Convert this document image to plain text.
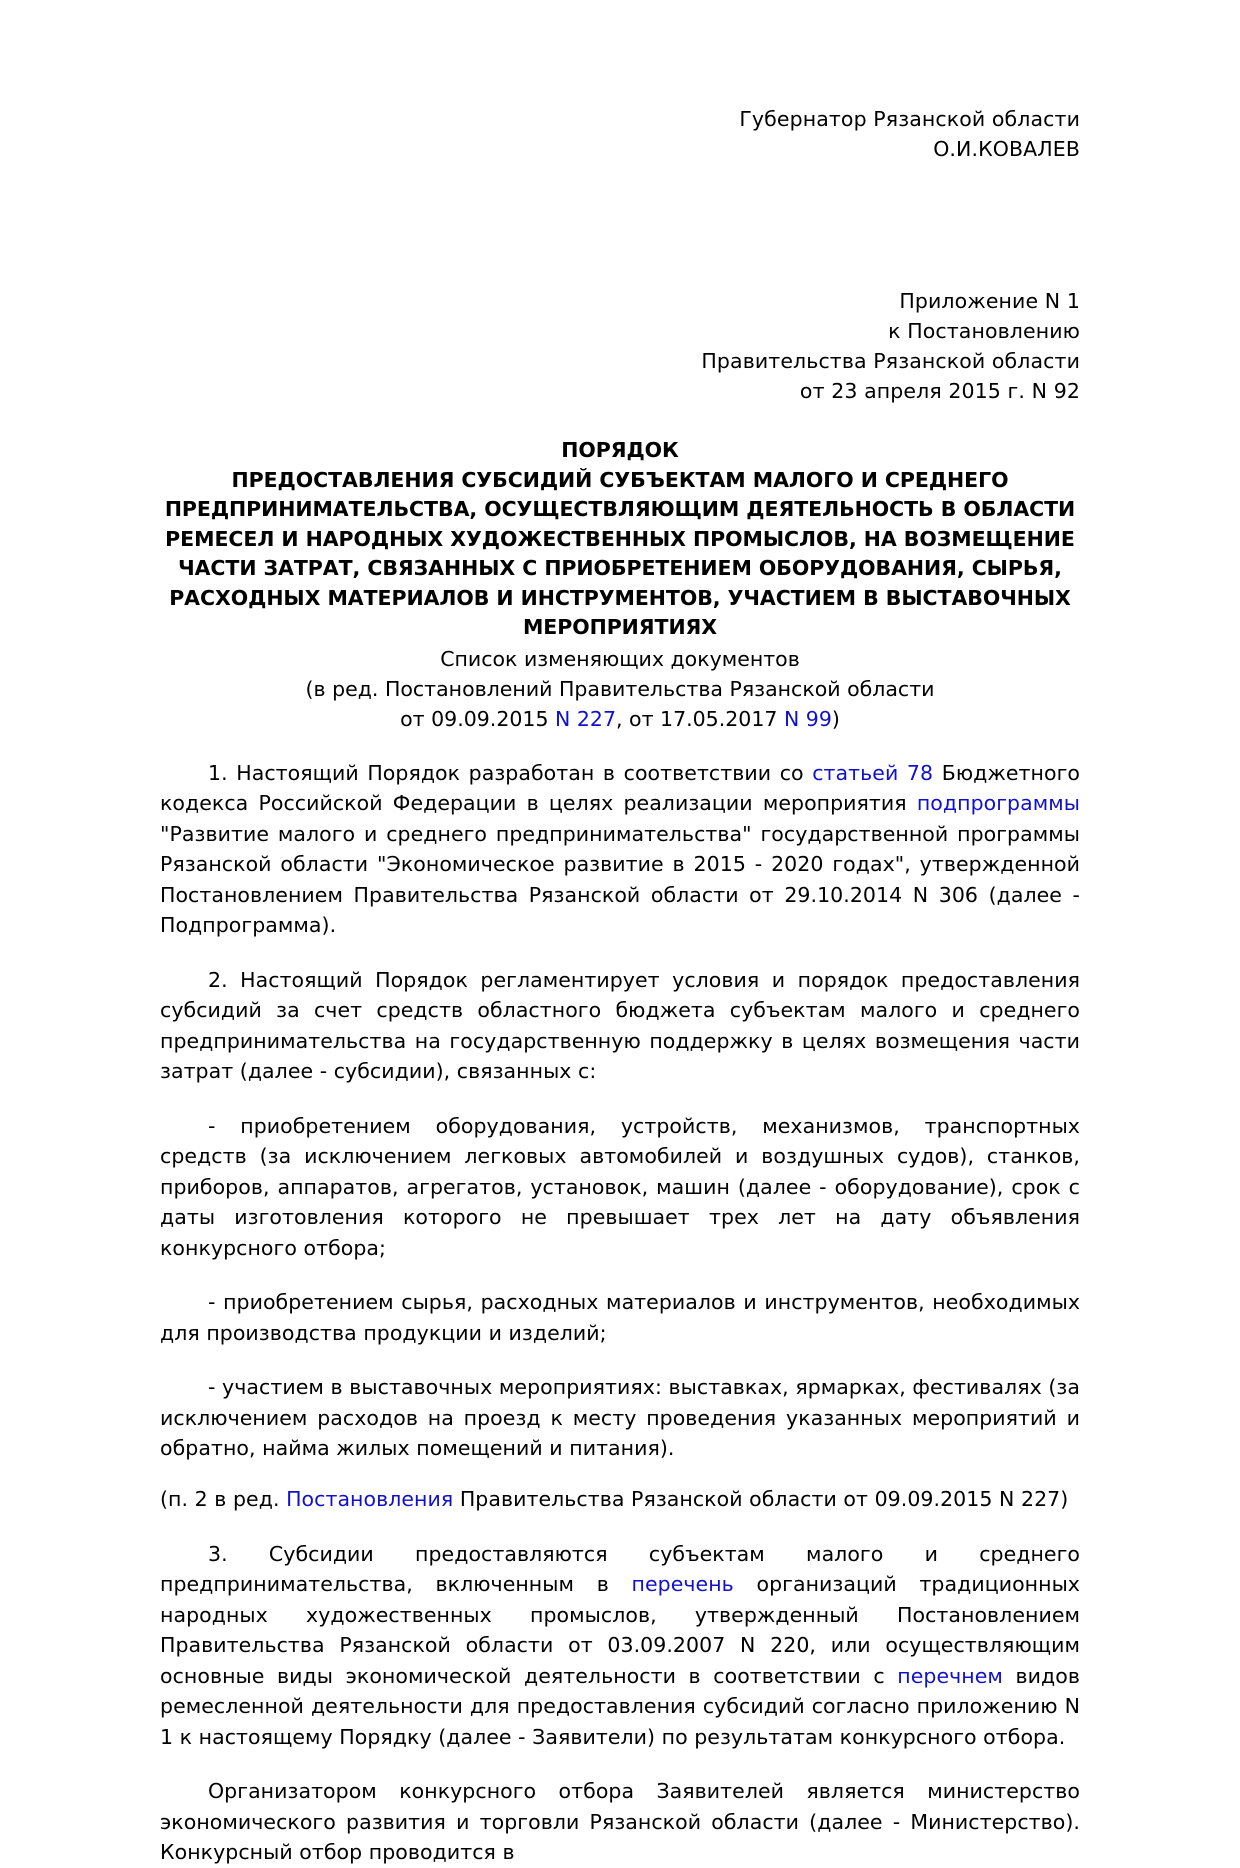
Губернатор Рязанской области
О.И.КОВАЛЕВ
Приложение N 1
к Постановлению
Правительства Рязанской области
от 23 апреля 2015 г. N 92
ПОРЯДОК
ПРЕДОСТАВЛЕНИЯ СУБСИДИЙ СУБЪЕКТАМ МАЛОГО И СРЕДНЕГО
ПРЕДПРИНИМАТЕЛЬСТВА, ОСУЩЕСТВЛЯЮЩИМ ДЕЯТЕЛЬНОСТЬ В ОБЛАСТИ
РЕМЕСЕЛ И НАРОДНЫХ ХУДОЖЕСТВЕННЫХ ПРОМЫСЛОВ, НА ВОЗМЕЩЕНИЕ
ЧАСТИ ЗАТРАТ, СВЯЗАННЫХ С ПРИОБРЕТЕНИЕМ ОБОРУДОВАНИЯ, СЫРЬЯ,
РАСХОДНЫХ МАТЕРИАЛОВ И ИНСТРУМЕНТОВ, УЧАСТИЕМ В ВЫСТАВОЧНЫХ
МЕРОПРИЯТИЯХ
Список изменяющих документов
(в ред. Постановлений Правительства Рязанской области
от 09.09.2015 N 227, от 17.05.2017 N 99)

1. Настоящий Порядок разработан в соответствии со статьей 78 Бюджетного кодекса Российской Федерации в целях реализации мероприятия подпрограммы "Развитие малого и среднего предпринимательства" государственной программы Рязанской области "Экономическое развитие в 2015 - 2020 годах", утвержденной Постановлением Правительства Рязанской области от 29.10.2014 N 306 (далее - Подпрограмма).

2. Настоящий Порядок регламентирует условия и порядок предоставления субсидий за счет средств областного бюджета субъектам малого и среднего предпринимательства на государственную поддержку в целях возмещения части затрат (далее - субсидии), связанных с:

- приобретением оборудования, устройств, механизмов, транспортных средств (за исключением легковых автомобилей и воздушных судов), станков, приборов, аппаратов, агрегатов, установок, машин (далее - оборудование), срок с даты изготовления которого не превышает трех лет на дату объявления конкурсного отбора;

- приобретением сырья, расходных материалов и инструментов, необходимых для производства продукции и изделий;

- участием в выставочных мероприятиях: выставках, ярмарках, фестивалях (за исключением расходов на проезд к месту проведения указанных мероприятий и обратно, найма жилых помещений и питания).

(п. 2 в ред. Постановления Правительства Рязанской области от 09.09.2015 N 227)

3. Субсидии предоставляются субъектам малого и среднего предпринимательства, включенным в перечень организаций традиционных народных художественных промыслов, утвержденный Постановлением Правительства Рязанской области от 03.09.2007 N 220, или осуществляющим основные виды экономической деятельности в соответствии с перечнем видов ремесленной деятельности для предоставления субсидий согласно приложению N 1 к настоящему Порядку (далее - Заявители) по результатам конкурсного отбора.

Организатором конкурсного отбора Заявителей является министерство экономического развития и торговли Рязанской области (далее - Министерство). Конкурсный отбор проводится в
